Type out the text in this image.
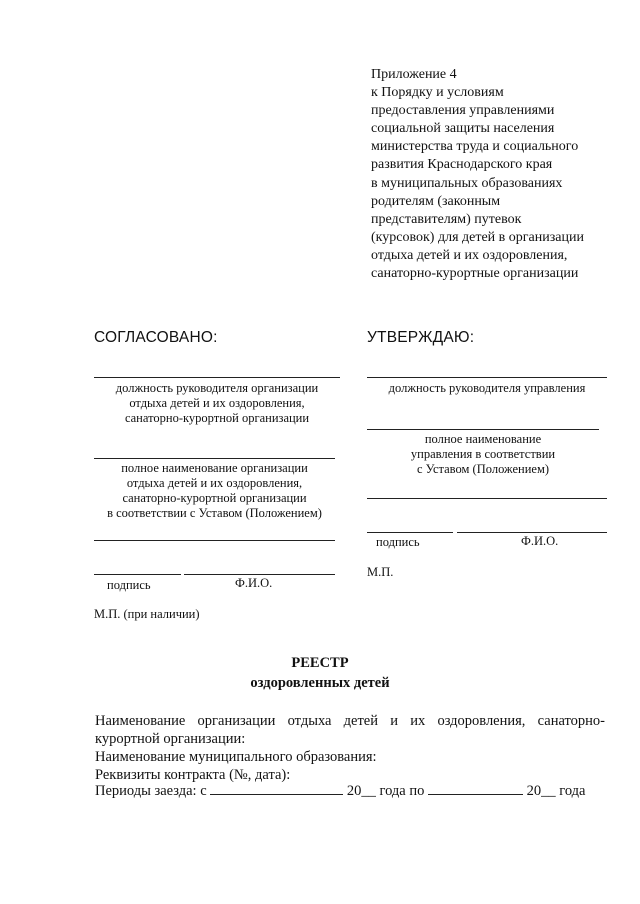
Приложение 4
к Порядку и условиям
предоставления управлениями
социальной защиты населения
министерства труда и социального
развития Краснодарского края
в муниципальных образованиях
родителям (законным
представителям) путевок
(курсовок) для детей в организации
отдыха детей и их оздоровления,
санаторно-курортные организации
СОГЛАСОВАНО:
должность руководителя организации
отдыха детей и их оздоровления,
санаторно-курортной организации
полное наименование организации
отдыха детей и их оздоровления,
санаторно-курортной организации
в соответствии с Уставом (Положением)
подпись	Ф.И.О.
М.П. (при наличии)
УТВЕРЖДАЮ:
должность руководителя управления
полное наименование
управления в соответствии
с Уставом (Положением)
подпись	Ф.И.О.
М.П.
РЕЕСТР
оздоровленных детей
Наименование организации отдыха детей и их оздоровления, санаторно-
курортной организации:
Наименование муниципального образования:
Реквизиты контракта (№, дата):
Периоды заезда: с	20__ года по	20__ года
